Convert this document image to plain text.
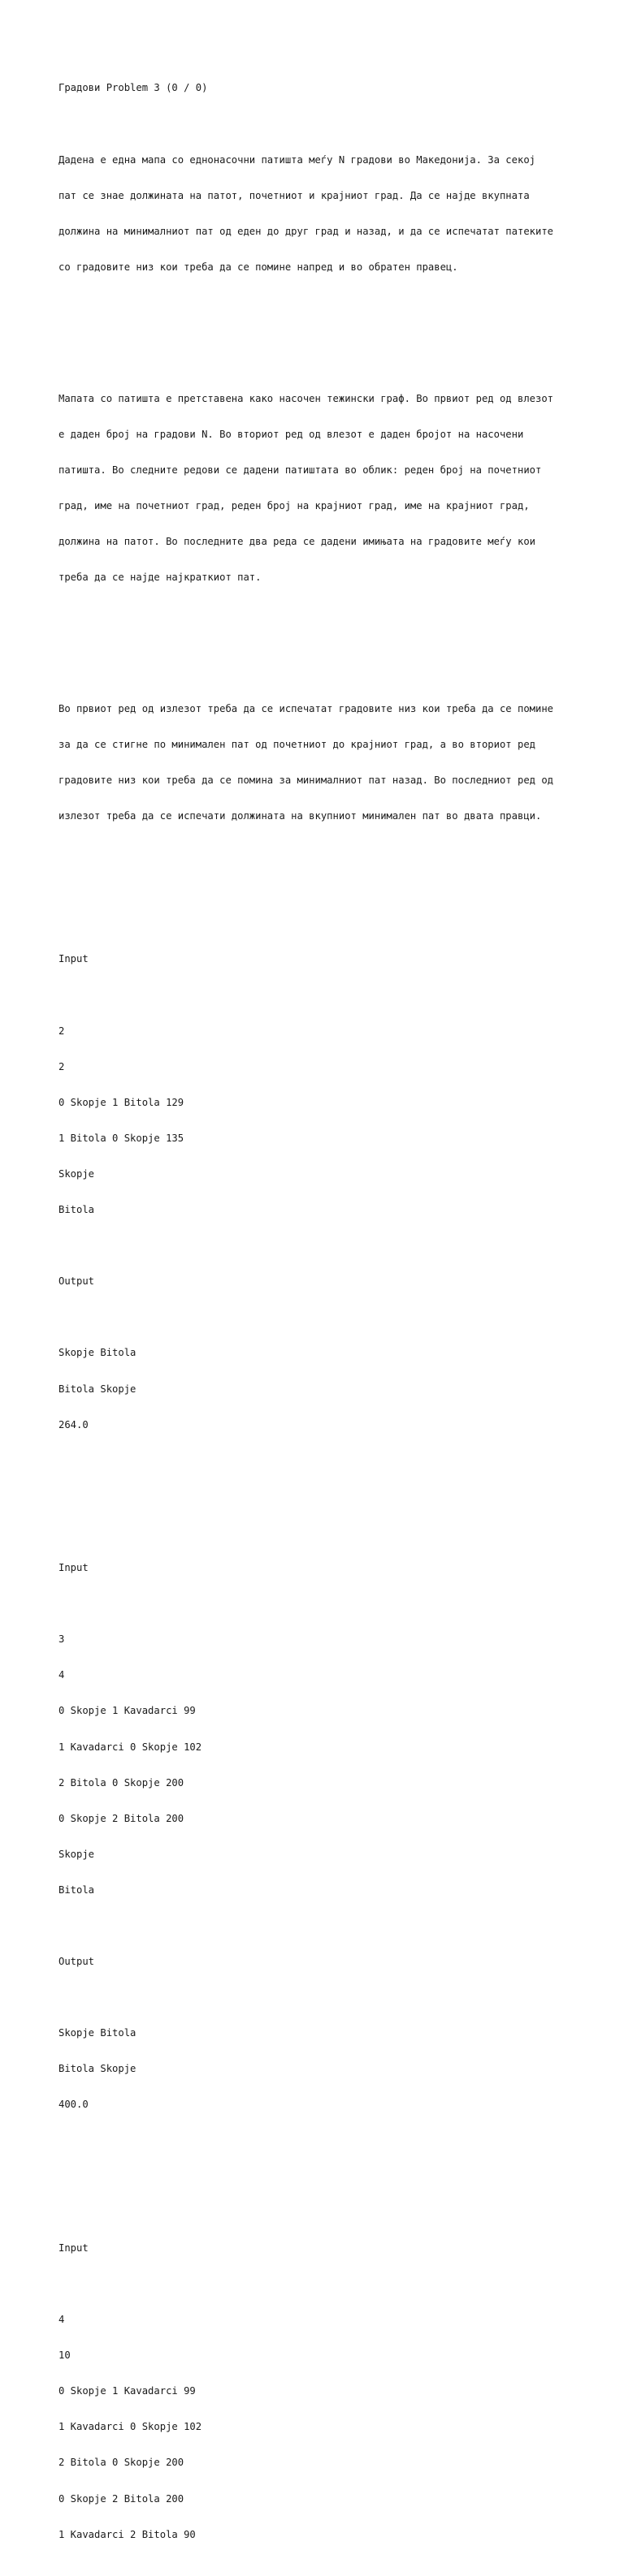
Градови Problem 3 (0 / 0)

Дадена е една мапа со еднонасочни патишта меѓу N градови во Македонија. За секој

пат се знае должината на патот, почетниот и крајниот град. Да се најде вкупната

должина на минималниот пат од еден до друг град и назад, и да се испечатат патеките

со градовите низ кои треба да се помине напред и во обратен правец.

Мапата со патишта е претставена како насочен тежински граф. Во првиот ред од влезот

е даден број на градови N. Во вториот ред од влезот е даден бројот на насочени

патишта. Во следните редови се дадени патиштата во облик: реден број на почетниот

град, име на почетниот град, реден број на крајниот град, име на крајниот град,

должина на патот. Во последните два реда се дадени имињата на градовите меѓу кои

треба да се најде најкраткиот пат.

Во првиот ред од излезот треба да се испечатат градовите низ кои треба да се помине

за да се стигне по минимален пат од почетниот до крајниот град, а во вториот ред

градовите низ кои треба да се помина за минималниот пат назад. Во последниот ред од

излезот треба да се испечати должината на вкупниот минимален пат во двата правци.

Input

2

2

0 Skopje 1 Bitola 129

1 Bitola 0 Skopje 135

Skopje

Bitola

Output

Skopje Bitola

Bitola Skopje

264.0

Input

3

4

0 Skopje 1 Kavadarci 99

1 Kavadarci 0 Skopje 102

2 Bitola 0 Skopje 200

0 Skopje 2 Bitola 200

Skopje

Bitola

Output

Skopje Bitola

Bitola Skopje

400.0

Input

4

10

0 Skopje 1 Kavadarci 99

1 Kavadarci 0 Skopje 102

2 Bitola 0 Skopje 200

0 Skopje 2 Bitola 200

1 Kavadarci 2 Bitola 90
